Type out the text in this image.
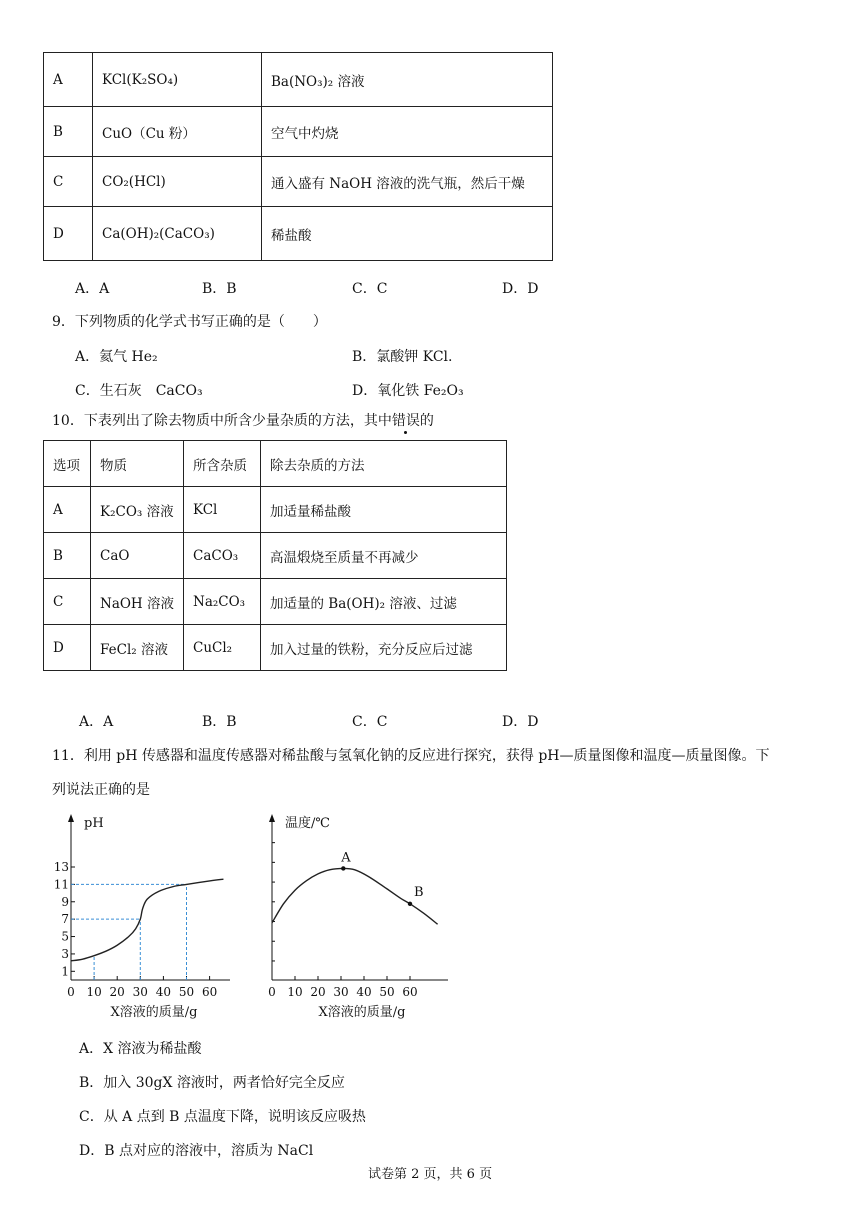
A	KCl(K₂SO₄)	Ba(NO₃)₂ 溶液
B	CuO（Cu 粉）	空气中灼烧
C	CO₂(HCl)	通入盛有 NaOH 溶液的洗气瓶，然后干燥
D	Ca(OH)₂(CaCO₃)	稀盐酸
A．A	B．B	C．C	D．D
9．下列物质的化学式书写正确的是（　　）
A．氦气 He₂	B．氯酸钾 KCl.
C．生石灰　CaCO₃	D．氧化铁 Fe₂O₃
10．下表列出了除去物质中所含少量杂质的方法，其中错误的
选项	物质	所含杂质	除去杂质的方法
A	K₂CO₃ 溶液	KCl	加适量稀盐酸
B	CaO	CaCO₃	高温煅烧至质量不再减少
C	NaOH 溶液	Na₂CO₃	加适量的 Ba(OH)₂ 溶液、过滤
D	FeCl₂ 溶液	CuCl₂	加入过量的铁粉，充分反应后过滤
A．A	B．B	C．C	D．D
11．利用 pH 传感器和温度传感器对稀盐酸与氢氧化钠的反应进行探究，获得 pH—质量图像和温度—质量图像。下
列说法正确的是
pH
1
3
5
7
9
11
13
0 10 20 30 40 50 60
X溶液的质量/g
温度/℃
0 10 20 30 40 50 60
X溶液的质量/g
A
B
A．X 溶液为稀盐酸
B．加入 30gX 溶液时，两者恰好完全反应
C．从 A 点到 B 点温度下降，说明该反应吸热
D．B 点对应的溶液中，溶质为 NaCl
试卷第 2 页，共 6 页
